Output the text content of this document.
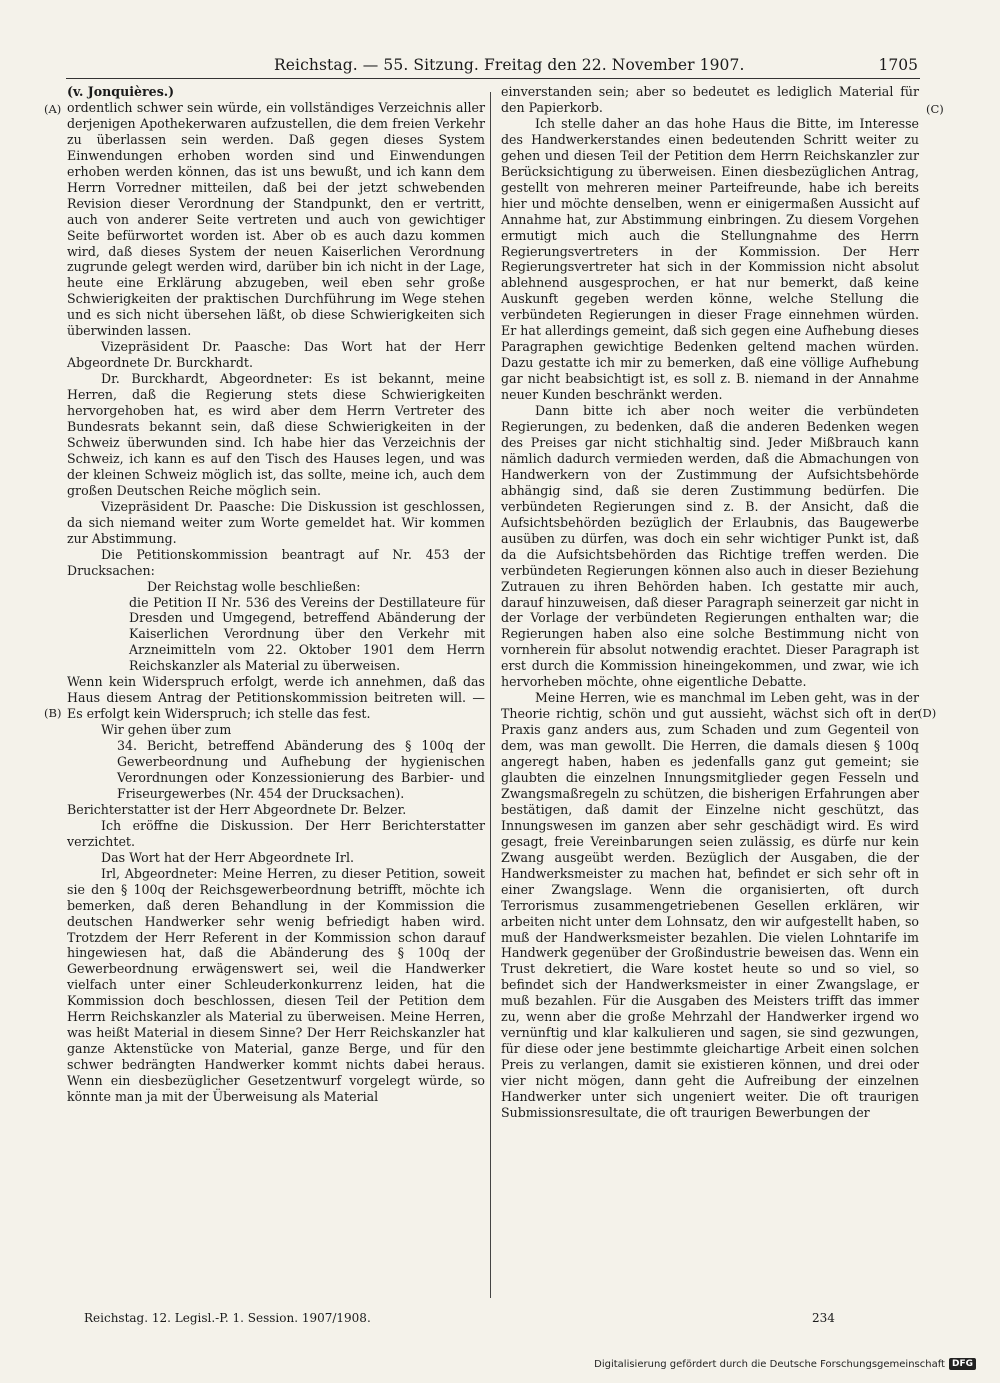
Reichstag. — 55. Sitzung. Freitag den 22. November 1907.	1705

(v. Jonquières.)

ordentlich schwer sein würde, ein vollständiges Verzeichnis aller derjenigen Apothekerwaren aufzustellen, die dem freien Verkehr zu überlassen sein werden. Daß gegen dieses System Einwendungen erhoben worden sind und Einwendungen erhoben werden können, das ist uns bewußt, und ich kann dem Herrn Vorredner mitteilen, daß bei der jetzt schwebenden Revision dieser Verordnung der Standpunkt, den er vertritt, auch von anderer Seite vertreten und auch von gewichtiger Seite befürwortet worden ist. Aber ob es auch dazu kommen wird, daß dieses System der neuen Kaiserlichen Verordnung zugrunde gelegt werden wird, darüber bin ich nicht in der Lage, heute eine Erklärung abzugeben, weil eben sehr große Schwierigkeiten der praktischen Durchführung im Wege stehen und es sich nicht übersehen läßt, ob diese Schwierigkeiten sich überwinden lassen.

Vizepräsident Dr. Paasche: Das Wort hat der Herr Abgeordnete Dr. Burckhardt.

Dr. Burckhardt, Abgeordneter: Es ist bekannt, meine Herren, daß die Regierung stets diese Schwierigkeiten hervorgehoben hat, es wird aber dem Herrn Vertreter des Bundesrats bekannt sein, daß diese Schwierigkeiten in der Schweiz überwunden sind. Ich habe hier das Verzeichnis der Schweiz, ich kann es auf den Tisch des Hauses legen, und was der kleinen Schweiz möglich ist, das sollte, meine ich, auch dem großen Deutschen Reiche möglich sein.

Vizepräsident Dr. Paasche: Die Diskussion ist geschlossen, da sich niemand weiter zum Worte gemeldet hat. Wir kommen zur Abstimmung.

Die Petitionskommission beantragt auf Nr. 453 der Drucksachen:

Der Reichstag wolle beschließen:

die Petition II Nr. 536 des Vereins der Destillateure für Dresden und Umgegend, betreffend Abänderung der Kaiserlichen Verordnung über den Verkehr mit Arzneimitteln vom 22. Oktober 1901 dem Herrn Reichskanzler als Material zu überweisen.

Wenn kein Widerspruch erfolgt, werde ich annehmen, daß das Haus diesem Antrag der Petitionskommission beitreten will. — Es erfolgt kein Widerspruch; ich stelle das fest.

Wir gehen über zum

34. Bericht, betreffend Abänderung des § 100q der Gewerbeordnung und Aufhebung der hygienischen Verordnungen oder Konzessionierung des Barbier- und Friseurgewerbes (Nr. 454 der Drucksachen).

Berichterstatter ist der Herr Abgeordnete Dr. Belzer.

Ich eröffne die Diskussion. Der Herr Berichterstatter verzichtet.

Das Wort hat der Herr Abgeordnete Irl.

Irl, Abgeordneter: Meine Herren, zu dieser Petition, soweit sie den § 100q der Reichsgewerbeordnung betrifft, möchte ich bemerken, daß deren Behandlung in der Kommission die deutschen Handwerker sehr wenig befriedigt haben wird. Trotzdem der Herr Referent in der Kommission schon darauf hingewiesen hat, daß die Abänderung des § 100q der Gewerbeordnung erwägenswert sei, weil die Handwerker vielfach unter einer Schleuderkonkurrenz leiden, hat die Kommission doch beschlossen, diesen Teil der Petition dem Herrn Reichskanzler als Material zu überweisen. Meine Herren, was heißt Material in diesem Sinne? Der Herr Reichskanzler hat ganze Aktenstücke von Material, ganze Berge, und für den schwer bedrängten Handwerker kommt nichts dabei heraus. Wenn ein diesbezüglicher Gesetzentwurf vorgelegt würde, so könnte man ja mit der Überweisung als Material

einverstanden sein; aber so bedeutet es lediglich Material für den Papierkorb.

Ich stelle daher an das hohe Haus die Bitte, im Interesse des Handwerkerstandes einen bedeutenden Schritt weiter zu gehen und diesen Teil der Petition dem Herrn Reichskanzler zur Berücksichtigung zu überweisen. Einen diesbezüglichen Antrag, gestellt von mehreren meiner Parteifreunde, habe ich bereits hier und möchte denselben, wenn er einigermaßen Aussicht auf Annahme hat, zur Abstimmung einbringen. Zu diesem Vorgehen ermutigt mich auch die Stellungnahme des Herrn Regierungsvertreters in der Kommission. Der Herr Regierungsvertreter hat sich in der Kommission nicht absolut ablehnend ausgesprochen, er hat nur bemerkt, daß keine Auskunft gegeben werden könne, welche Stellung die verbündeten Regierungen in dieser Frage einnehmen würden. Er hat allerdings gemeint, daß sich gegen eine Aufhebung dieses Paragraphen gewichtige Bedenken geltend machen würden. Dazu gestatte ich mir zu bemerken, daß eine völlige Aufhebung gar nicht beabsichtigt ist, es soll z. B. niemand in der Annahme neuer Kunden beschränkt werden.

Dann bitte ich aber noch weiter die verbündeten Regierungen, zu bedenken, daß die anderen Bedenken wegen des Preises gar nicht stichhaltig sind. Jeder Mißbrauch kann nämlich dadurch vermieden werden, daß die Abmachungen von Handwerkern von der Zustimmung der Aufsichtsbehörde abhängig sind, daß sie deren Zustimmung bedürfen. Die verbündeten Regierungen sind z. B. der Ansicht, daß die Aufsichtsbehörden bezüglich der Erlaubnis, das Baugewerbe ausüben zu dürfen, was doch ein sehr wichtiger Punkt ist, daß da die Aufsichtsbehörden das Richtige treffen werden. Die verbündeten Regierungen können also auch in dieser Beziehung Zutrauen zu ihren Behörden haben. Ich gestatte mir auch, darauf hinzuweisen, daß dieser Paragraph seinerzeit gar nicht in der Vorlage der verbündeten Regierungen enthalten war; die Regierungen haben also eine solche Bestimmung nicht von vornherein für absolut notwendig erachtet. Dieser Paragraph ist erst durch die Kommission hineingekommen, und zwar, wie ich hervorheben möchte, ohne eigentliche Debatte.

Meine Herren, wie es manchmal im Leben geht, was in der Theorie richtig, schön und gut aussieht, wächst sich oft in der Praxis ganz anders aus, zum Schaden und zum Gegenteil von dem, was man gewollt. Die Herren, die damals diesen § 100q angeregt haben, haben es jedenfalls ganz gut gemeint; sie glaubten die einzelnen Innungsmitglieder gegen Fesseln und Zwangsmaßregeln zu schützen, die bisherigen Erfahrungen aber bestätigen, daß damit der Einzelne nicht geschützt, das Innungswesen im ganzen aber sehr geschädigt wird. Es wird gesagt, freie Vereinbarungen seien zulässig, es dürfe nur kein Zwang ausgeübt werden. Bezüglich der Ausgaben, die der Handwerksmeister zu machen hat, befindet er sich sehr oft in einer Zwangslage. Wenn die organisierten, oft durch Terrorismus zusammengetriebenen Gesellen erklären, wir arbeiten nicht unter dem Lohnsatz, den wir aufgestellt haben, so muß der Handwerksmeister bezahlen. Die vielen Lohntarife im Handwerk gegenüber der Großindustrie beweisen das. Wenn ein Trust dekretiert, die Ware kostet heute so und so viel, so befindet sich der Handwerksmeister in einer Zwangslage, er muß bezahlen. Für die Ausgaben des Meisters trifft das immer zu, wenn aber die große Mehrzahl der Handwerker irgend wo vernünftig und klar kalkulieren und sagen, sie sind gezwungen, für diese oder jene bestimmte gleichartige Arbeit einen solchen Preis zu verlangen, damit sie existieren können, und drei oder vier nicht mögen, dann geht die Aufreibung der einzelnen Handwerker unter sich ungeniert weiter. Die oft traurigen Submissionsresultate, die oft traurigen Bewerbungen der

(A)
(B)
(C)
(D)
Reichstag. 12. Legisl.-P. 1. Session. 1907/1908.	234
Digitalisierung gefördert durch die Deutsche Forschungsgemeinschaft DFG
